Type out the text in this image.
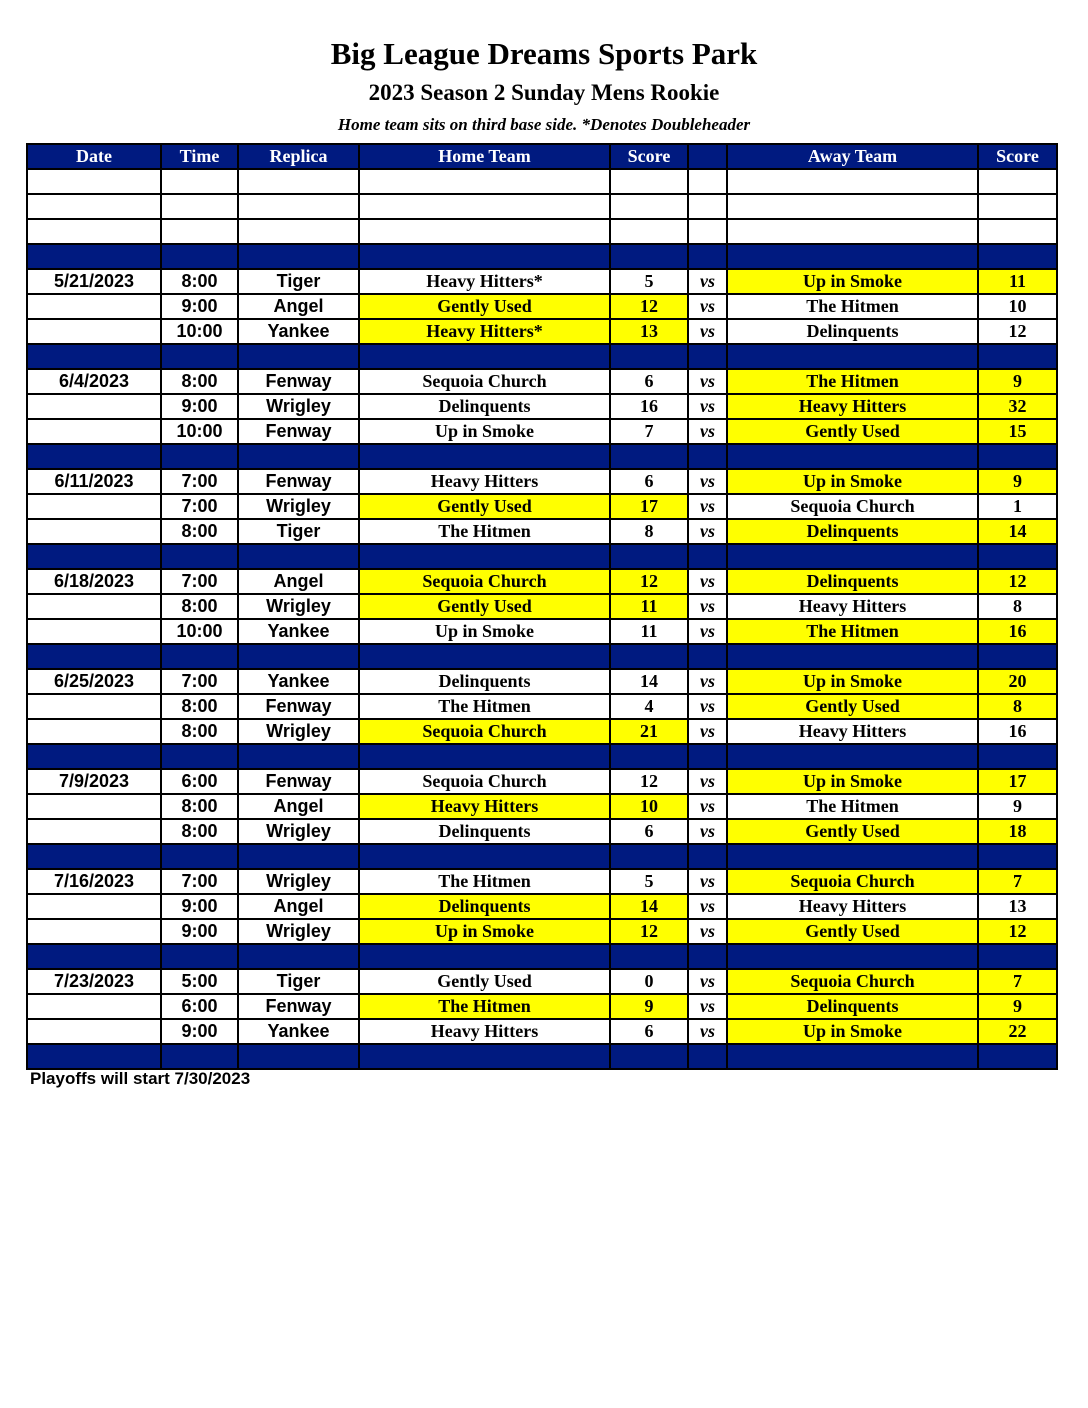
Big League Dreams Sports Park
2023 Season 2 Sunday Mens Rookie
Home team sits on third base side. *Denotes Doubleheader
Date	Time	Replica	Home Team	Score		Away Team	Score

5/21/2023	8:00	Tiger	Heavy Hitters*	5	vs	Up in Smoke	11
	9:00	Angel	Gently Used	12	vs	The Hitmen	10
	10:00	Yankee	Heavy Hitters*	13	vs	Delinquents	12

6/4/2023	8:00	Fenway	Sequoia Church	6	vs	The Hitmen	9
	9:00	Wrigley	Delinquents	16	vs	Heavy Hitters	32
	10:00	Fenway	Up in Smoke	7	vs	Gently Used	15

6/11/2023	7:00	Fenway	Heavy Hitters	6	vs	Up in Smoke	9
	7:00	Wrigley	Gently Used	17	vs	Sequoia Church	1
	8:00	Tiger	The Hitmen	8	vs	Delinquents	14

6/18/2023	7:00	Angel	Sequoia Church	12	vs	Delinquents	12
	8:00	Wrigley	Gently Used	11	vs	Heavy Hitters	8
	10:00	Yankee	Up in Smoke	11	vs	The Hitmen	16

6/25/2023	7:00	Yankee	Delinquents	14	vs	Up in Smoke	20
	8:00	Fenway	The Hitmen	4	vs	Gently Used	8
	8:00	Wrigley	Sequoia Church	21	vs	Heavy Hitters	16

7/9/2023	6:00	Fenway	Sequoia Church	12	vs	Up in Smoke	17
	8:00	Angel	Heavy Hitters	10	vs	The Hitmen	9
	8:00	Wrigley	Delinquents	6	vs	Gently Used	18

7/16/2023	7:00	Wrigley	The Hitmen	5	vs	Sequoia Church	7
	9:00	Angel	Delinquents	14	vs	Heavy Hitters	13
	9:00	Wrigley	Up in Smoke	12	vs	Gently Used	12

7/23/2023	5:00	Tiger	Gently Used	0	vs	Sequoia Church	7
	6:00	Fenway	The Hitmen	9	vs	Delinquents	9
	9:00	Yankee	Heavy Hitters	6	vs	Up in Smoke	22

Playoffs will start 7/30/2023
